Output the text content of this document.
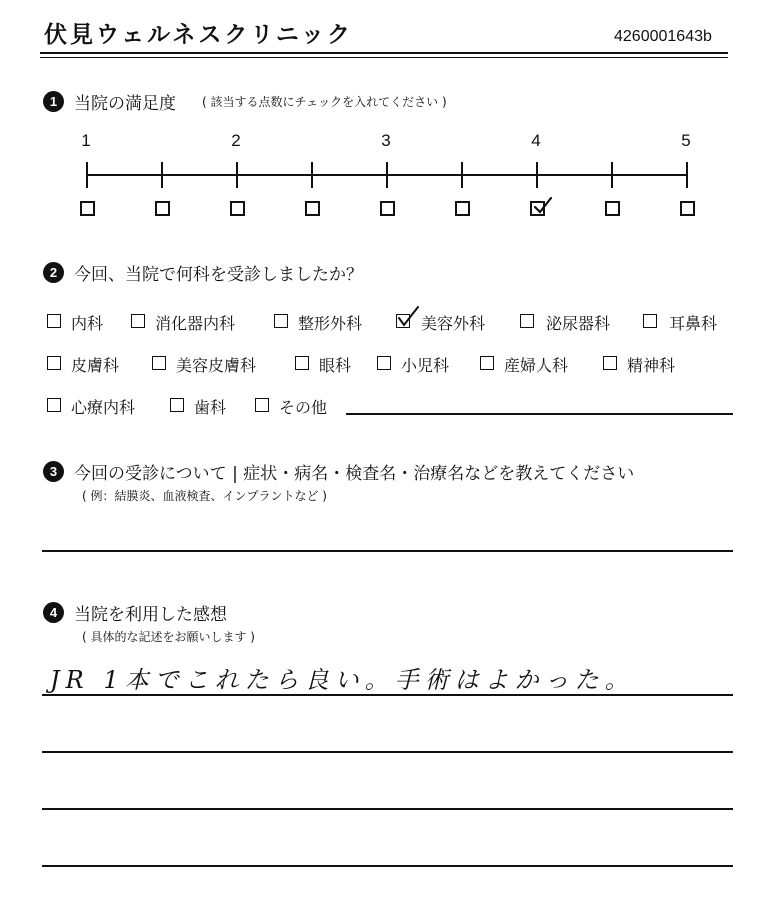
伏見ウェルネスクリニック	4260001643b
1 当院の満足度 ( 該当する点数にチェックを入れてください )
1	2	3	4	5
2 今回、当院で何科を受診しましたか？
内科	消化器内科	整形外科	美容外科	泌尿器科	耳鼻科
皮膚科	美容皮膚科	眼科	小児科	産婦人科	精神科
心療内科	歯科	その他
3 今回の受診について | 症状・病名・検査名・治療名などを教えてください
( 例：結膜炎、血液検査、インプラントなど )
4 当院を利用した感想
( 具体的な記述をお願いします )
JR 1本でこれたら良い。手術はよかった。
